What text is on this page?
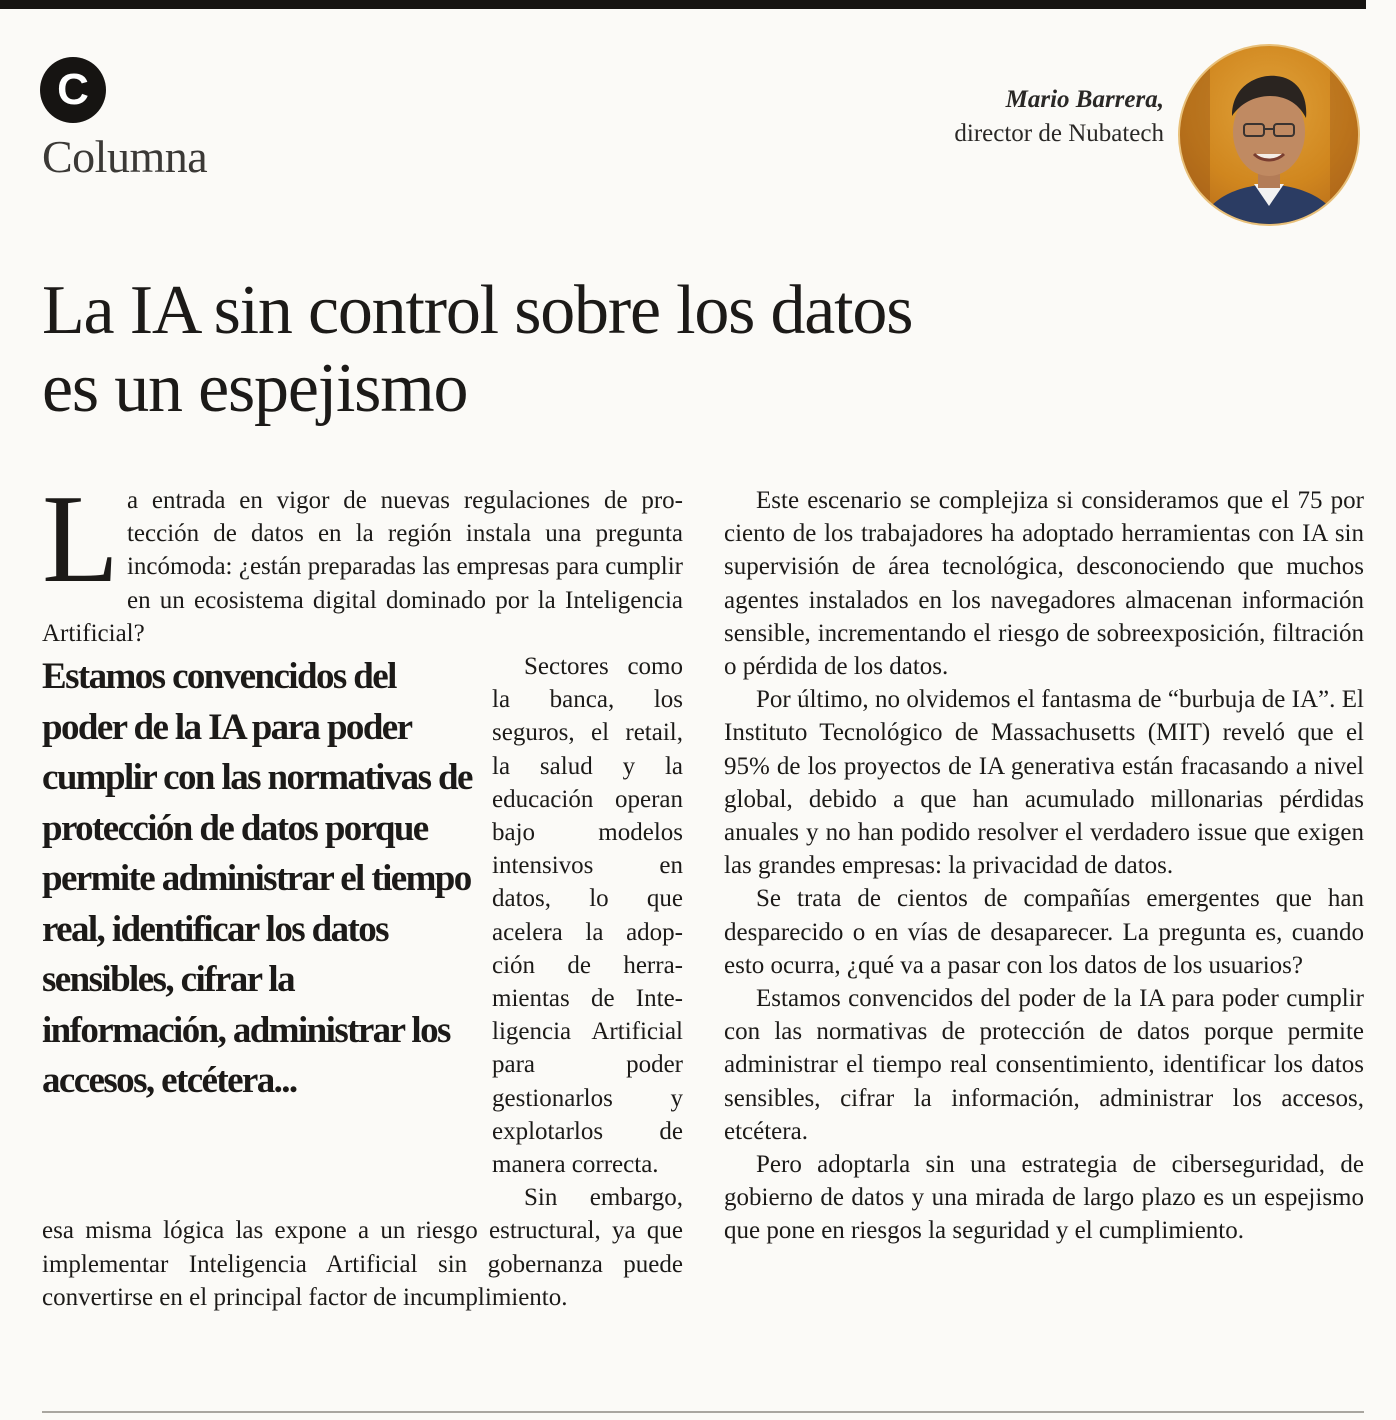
C
Columna
Mario Barrera,
director de Nubatech
La IA sin control sobre los datos
es un espejismo

La entrada en vigor de nuevas regulaciones de protección de datos en la región instala una pregunta incómoda: ¿están preparadas las empresas para cumplir en un ecosistema digital dominado por la Inteligencia Artificial?

Estamos convencidos del poder de la IA para poder cumplir con las normativas de protección de datos porque permite administrar el tiempo real, identificar los datos sensibles, cifrar la información, administrar los accesos, etcétera...

Sectores como la banca, los seguros, el retail, la salud y la educación operan bajo modelos intensivos en datos, lo que acelera la adopción de herramientas de Inteligencia Artificial para poder gestionarlos y explotarlos de manera correcta.

Sin embargo, esa misma lógica las expone a un riesgo estructural, ya que implementar Inteligencia Artificial sin gobernanza puede convertirse en el principal factor de incumplimiento.

Este escenario se complejiza si consideramos que el 75 por ciento de los trabajadores ha adoptado herramientas con IA sin supervisión de área tecnológica, desconociendo que muchos agentes instalados en los navegadores almacenan información sensible, incrementando el riesgo de sobreexposición, filtración o pérdida de los datos.

Por último, no olvidemos el fantasma de “burbuja de IA”. El Instituto Tecnológico de Massachusetts (MIT) reveló que el 95% de los proyectos de IA generativa están fracasando a nivel global, debido a que han acumulado millonarias pérdidas anuales y no han podido resolver el verdadero issue que exigen las grandes empresas: la privacidad de datos.

Se trata de cientos de compañías emergentes que han desparecido o en vías de desaparecer. La pregunta es, cuando esto ocurra, ¿qué va a pasar con los datos de los usuarios?

Estamos convencidos del poder de la IA para poder cumplir con las normativas de protección de datos porque permite administrar el tiempo real consentimiento, identificar los datos sensibles, cifrar la información, administrar los accesos, etcétera.

Pero adoptarla sin una estrategia de ciberseguridad, de gobierno de datos y una mirada de largo plazo es un espejismo que pone en riesgos la seguridad y el cumplimiento.
